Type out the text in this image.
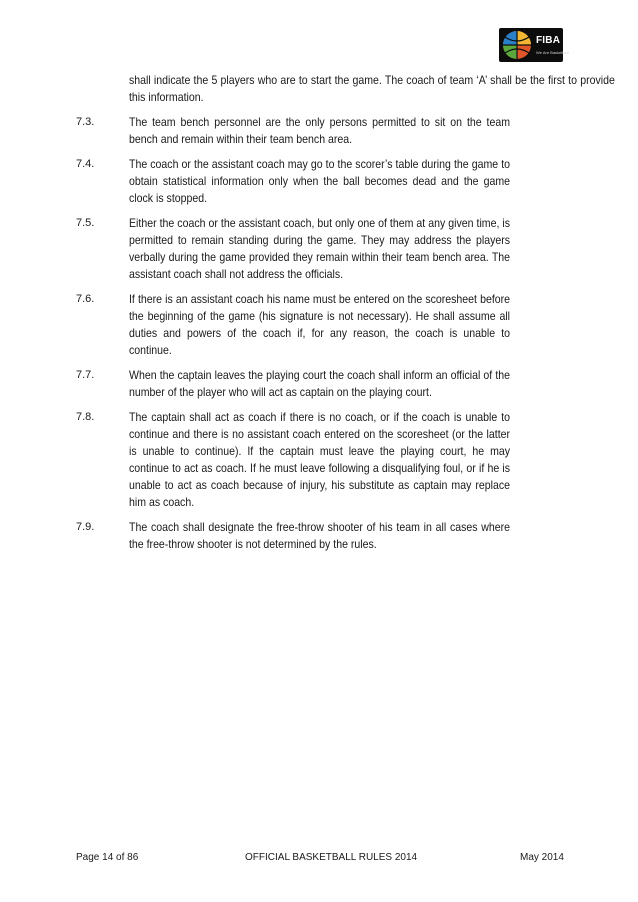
FIBA
We Are Basketball
shall indicate the 5 players who are to start the game. The coach of team ‘A’ shall be the first to provide this information.
7.3.	The team bench personnel are the only persons permitted to sit on the team bench and remain within their team bench area.
7.4.	The coach or the assistant coach may go to the scorer’s table during the game to obtain statistical information only when the ball becomes dead and the game clock is stopped.
7.5.	Either the coach or the assistant coach, but only one of them at any given time, is permitted to remain standing during the game. They may address the players verbally during the game provided they remain within their team bench area. The assistant coach shall not address the officials.
7.6.	If there is an assistant coach his name must be entered on the scoresheet before the beginning of the game (his signature is not necessary). He shall assume all duties and powers of the coach if, for any reason, the coach is unable to continue.
7.7.	When the captain leaves the playing court the coach shall inform an official of the number of the player who will act as captain on the playing court.
7.8.	The captain shall act as coach if there is no coach, or if the coach is unable to continue and there is no assistant coach entered on the scoresheet (or the latter is unable to continue). If the captain must leave the playing court, he may continue to act as coach. If he must leave following a disqualifying foul, or if he is unable to act as coach because of injury, his substitute as captain may replace him as coach.
7.9.	The coach shall designate the free-throw shooter of his team in all cases where the free-throw shooter is not determined by the rules.
Page 14 of 86	OFFICIAL BASKETBALL RULES 2014	May 2014
